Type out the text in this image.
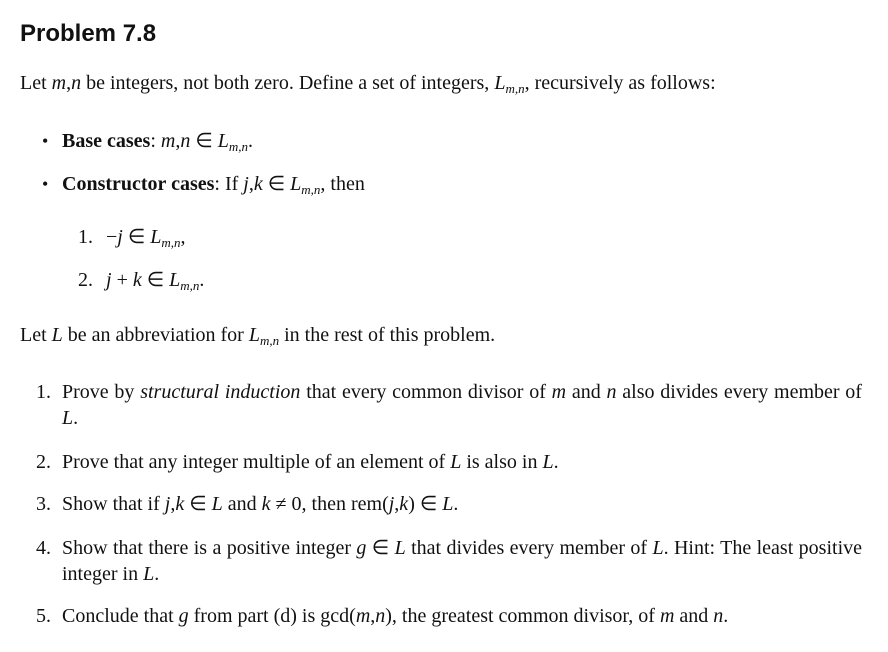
Problem 7.8
Let m,n be integers, not both zero. Define a set of integers, $L_{m,n}$, recursively as follows:
• Base cases: m,n ∈ $L_{m,n}$.
• Constructor cases: If j,k ∈ $L_{m,n}$, then
1. −j ∈ $L_{m,n}$,
2. j + k ∈ $L_{m,n}$.
Let L be an abbreviation for $L_{m,n}$ in the rest of this problem.
1. Prove by structural induction that every common divisor of m and n also divides every member of L.
2. Prove that any integer multiple of an element of L is also in L.
3. Show that if j,k ∈ L and k ≠ 0, then rem(j,k) ∈ L.
4. Show that there is a positive integer g ∈ L that divides every member of L. Hint: The least positive integer in L.
5. Conclude that g from part (d) is gcd(m,n), the greatest common divisor, of m and n.
